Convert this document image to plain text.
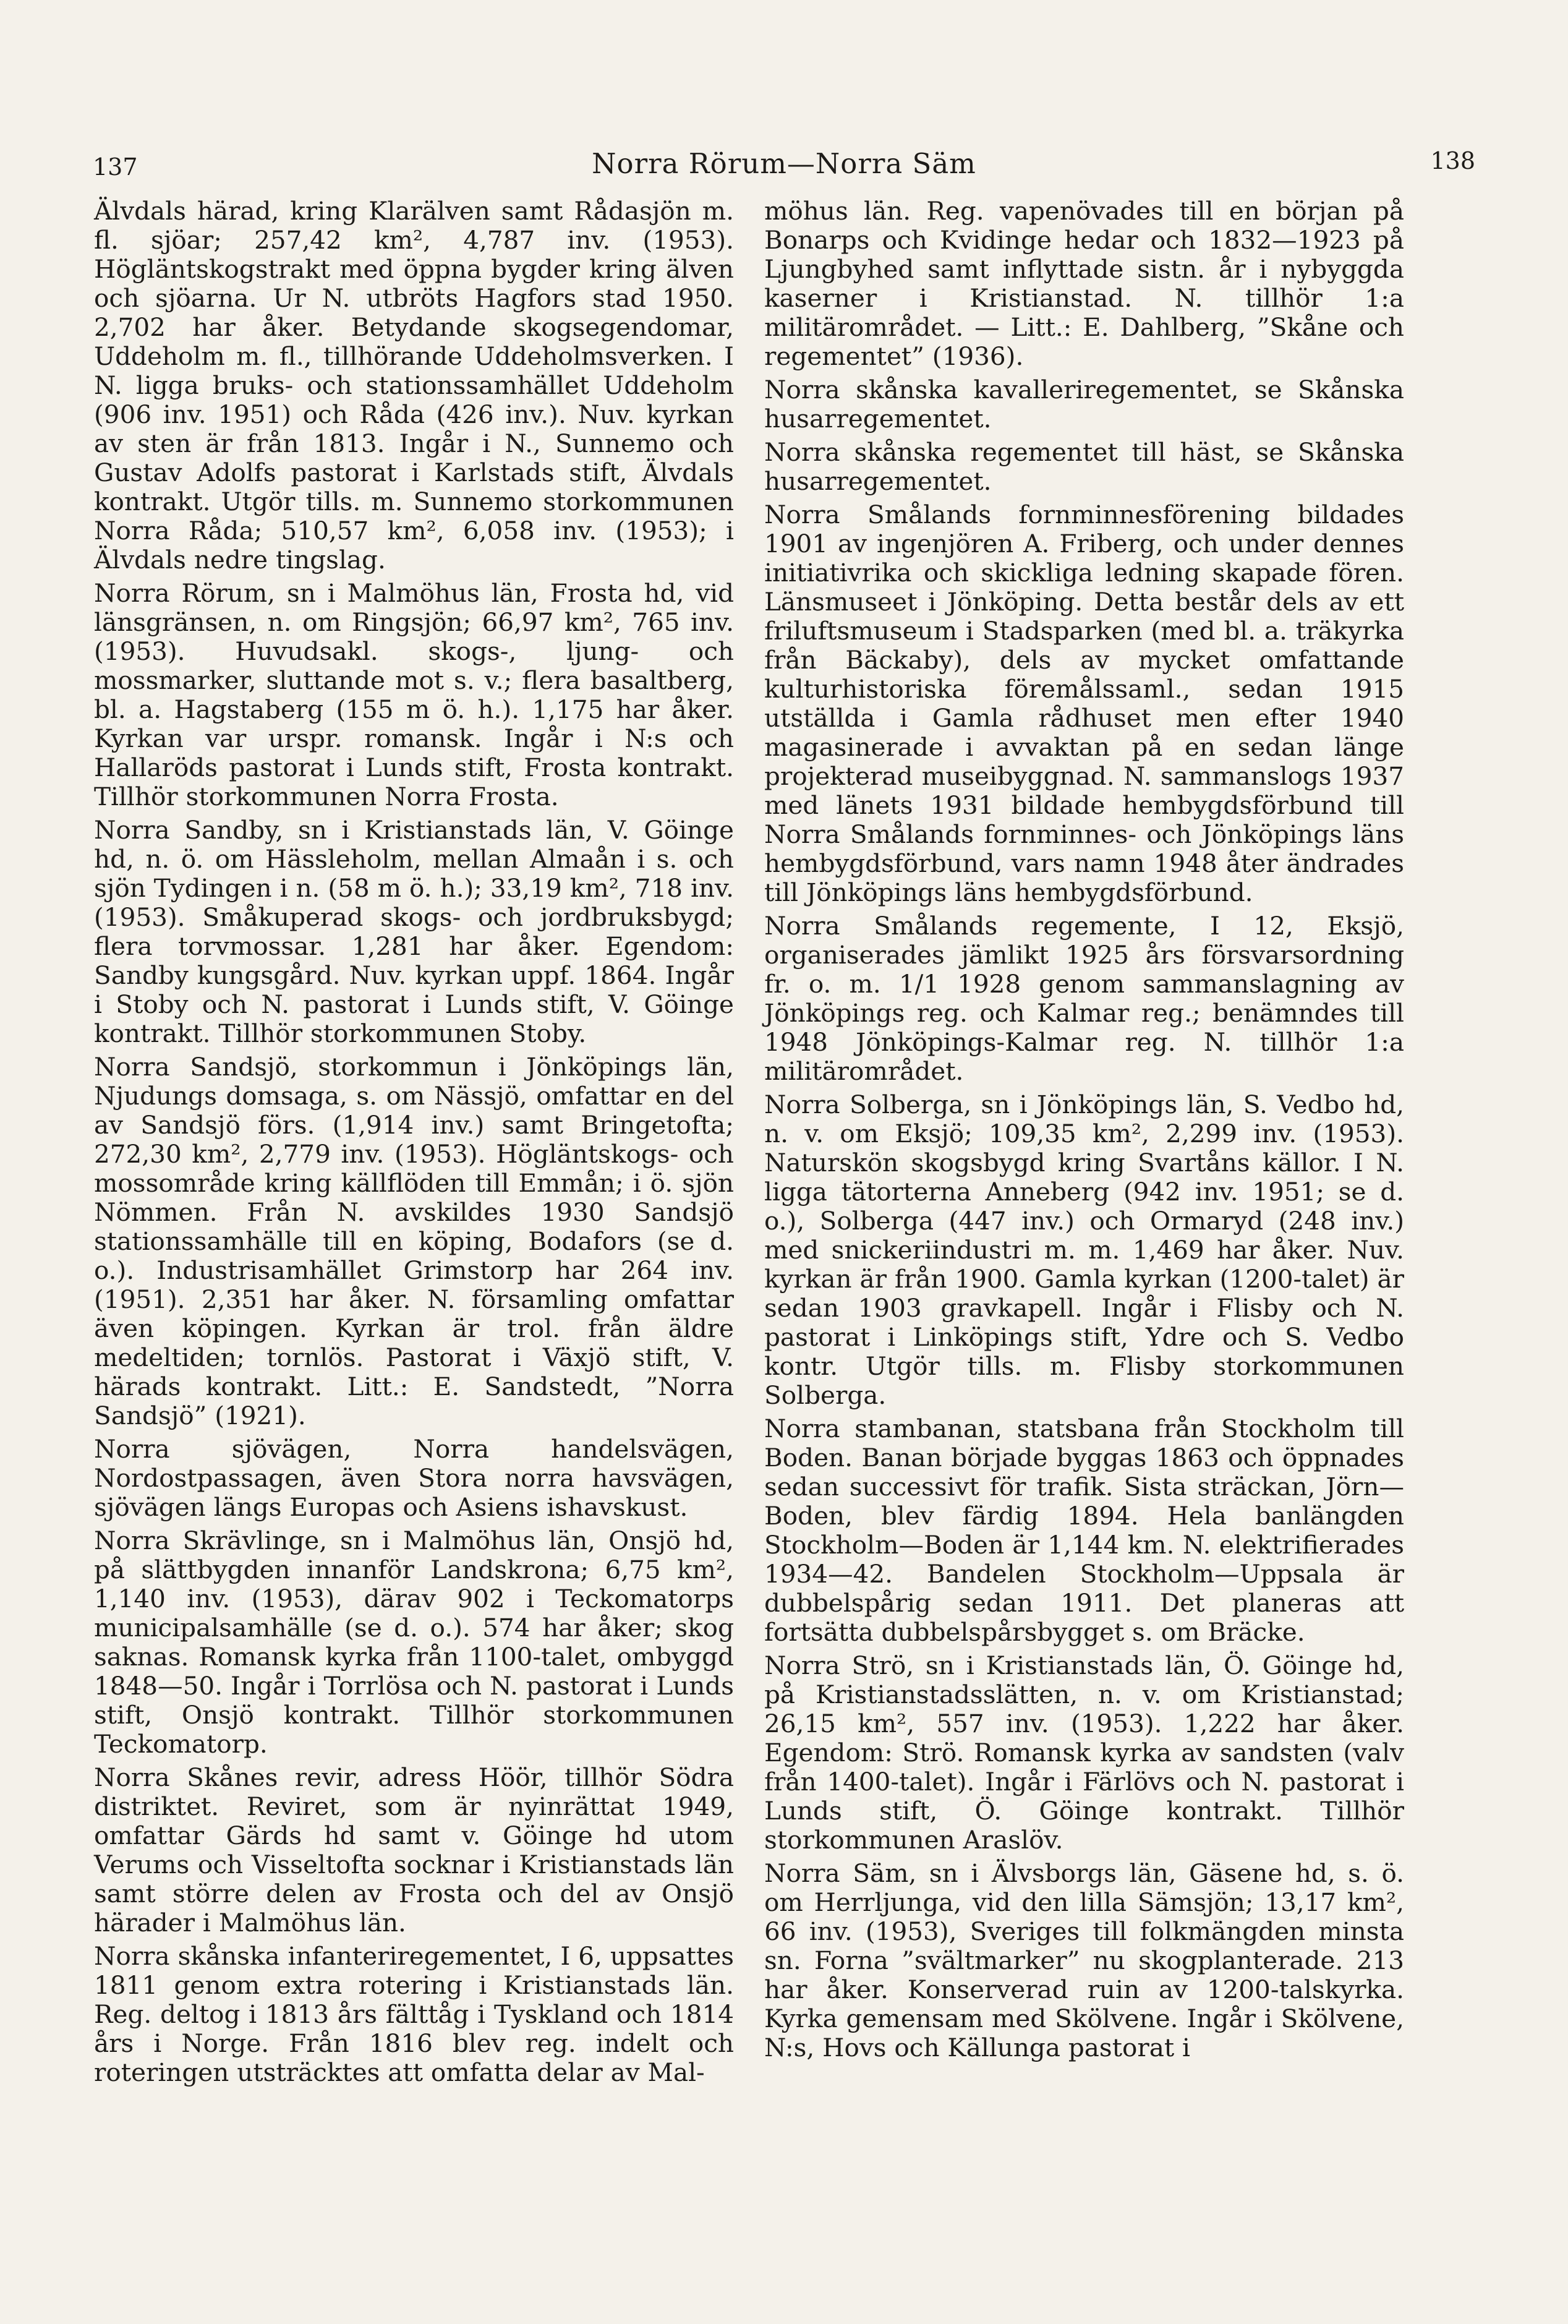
137	Norra Rörum—Norra Säm	138

Älvdals härad, kring Klarälven samt Rådasjön m. fl. sjöar; 257,42 km², 4,787 inv. (1953). Högläntskogstrakt med öppna bygder kring älven och sjöarna. Ur N. utbröts Hagfors stad 1950. 2,702 har åker. Betydande skogsegendomar, Uddeholm m. fl., tillhörande Uddeholmsverken. I N. ligga bruks- och stationssamhället Uddeholm (906 inv. 1951) och Råda (426 inv.). Nuv. kyrkan av sten är från 1813. Ingår i N., Sunnemo och Gustav Adolfs pastorat i Karlstads stift, Älvdals kontrakt. Utgör tills. m. Sunnemo storkommunen Norra Råda; 510,57 km², 6,058 inv. (1953); i Älvdals nedre tingslag.

Norra Rörum, sn i Malmöhus län, Frosta hd, vid länsgränsen, n. om Ringsjön; 66,97 km², 765 inv. (1953). Huvudsakl. skogs-, ljung- och mossmarker, sluttande mot s. v.; flera basaltberg, bl. a. Hagstaberg (155 m ö. h.). 1,175 har åker. Kyrkan var urspr. romansk. Ingår i N:s och Hallaröds pastorat i Lunds stift, Frosta kontrakt. Tillhör storkommunen Norra Frosta.

Norra Sandby, sn i Kristianstads län, V. Göinge hd, n. ö. om Hässleholm, mellan Almaån i s. och sjön Tydingen i n. (58 m ö. h.); 33,19 km², 718 inv. (1953). Småkuperad skogs- och jordbruksbygd; flera torvmossar. 1,281 har åker. Egendom: Sandby kungsgård. Nuv. kyrkan uppf. 1864. Ingår i Stoby och N. pastorat i Lunds stift, V. Göinge kontrakt. Tillhör storkommunen Stoby.

Norra Sandsjö, storkommun i Jönköpings län, Njudungs domsaga, s. om Nässjö, omfattar en del av Sandsjö förs. (1,914 inv.) samt Bringetofta; 272,30 km², 2,779 inv. (1953). Högläntskogs- och mossområde kring källflöden till Emmån; i ö. sjön Nömmen. Från N. avskildes 1930 Sandsjö stationssamhälle till en köping, Bodafors (se d. o.). Industrisamhället Grimstorp har 264 inv. (1951). 2,351 har åker. N. församling omfattar även köpingen. Kyrkan är trol. från äldre medeltiden; tornlös. Pastorat i Växjö stift, V. härads kontrakt. Litt.: E. Sandstedt, ”Norra Sandsjö” (1921).

Norra sjövägen, Norra handelsvägen, Nordostpassagen, även Stora norra havsvägen, sjövägen längs Europas och Asiens ishavskust.

Norra Skrävlinge, sn i Malmöhus län, Onsjö hd, på slättbygden innanför Landskrona; 6,75 km², 1,140 inv. (1953), därav 902 i Teckomatorps municipalsamhälle (se d. o.). 574 har åker; skog saknas. Romansk kyrka från 1100-talet, ombyggd 1848—50. Ingår i Torrlösa och N. pastorat i Lunds stift, Onsjö kontrakt. Tillhör storkommunen Teckomatorp.

Norra Skånes revir, adress Höör, tillhör Södra distriktet. Reviret, som är nyinrättat 1949, omfattar Gärds hd samt v. Göinge hd utom Verums och Visseltofta socknar i Kristianstads län samt större delen av Frosta och del av Onsjö härader i Malmöhus län.

Norra skånska infanteriregementet, I 6, uppsattes 1811 genom extra rotering i Kristianstads län. Reg. deltog i 1813 års fälttåg i Tyskland och 1814 års i Norge. Från 1816 blev reg. indelt och roteringen utsträcktes att omfatta delar av Mal-

möhus län. Reg. vapenövades till en början på Bonarps och Kvidinge hedar och 1832—1923 på Ljungbyhed samt inflyttade sistn. år i nybyggda kaserner i Kristianstad. N. tillhör 1:a militärområdet. — Litt.: E. Dahlberg, ”Skåne och regementet” (1936).

Norra skånska kavalleriregementet, se Skånska husarregementet.

Norra skånska regementet till häst, se Skånska husarregementet.

Norra Smålands fornminnesförening bildades 1901 av ingenjören A. Friberg, och under dennes initiativrika och skickliga ledning skapade fören. Länsmuseet i Jönköping. Detta består dels av ett friluftsmuseum i Stadsparken (med bl. a. träkyrka från Bäckaby), dels av mycket omfattande kulturhistoriska föremålssaml., sedan 1915 utställda i Gamla rådhuset men efter 1940 magasinerade i avvaktan på en sedan länge projekterad museibyggnad. N. sammanslogs 1937 med länets 1931 bildade hembygdsförbund till Norra Smålands fornminnes- och Jönköpings läns hembygdsförbund, vars namn 1948 åter ändrades till Jönköpings läns hembygdsförbund.

Norra Smålands regemente, I 12, Eksjö, organiserades jämlikt 1925 års försvarsordning fr. o. m. 1/1 1928 genom sammanslagning av Jönköpings reg. och Kalmar reg.; benämndes till 1948 Jönköpings-Kalmar reg. N. tillhör 1:a militärområdet.

Norra Solberga, sn i Jönköpings län, S. Vedbo hd, n. v. om Eksjö; 109,35 km², 2,299 inv. (1953). Naturskön skogsbygd kring Svartåns källor. I N. ligga tätorterna Anneberg (942 inv. 1951; se d. o.), Solberga (447 inv.) och Ormaryd (248 inv.) med snickeriindustri m. m. 1,469 har åker. Nuv. kyrkan är från 1900. Gamla kyrkan (1200-talet) är sedan 1903 gravkapell. Ingår i Flisby och N. pastorat i Linköpings stift, Ydre och S. Vedbo kontr. Utgör tills. m. Flisby storkommunen Solberga.

Norra stambanan, statsbana från Stockholm till Boden. Banan började byggas 1863 och öppnades sedan successivt för trafik. Sista sträckan, Jörn—Boden, blev färdig 1894. Hela banlängden Stockholm—Boden är 1,144 km. N. elektrifierades 1934—42. Bandelen Stockholm—Uppsala är dubbelspårig sedan 1911. Det planeras att fortsätta dubbelspårsbygget s. om Bräcke.

Norra Strö, sn i Kristianstads län, Ö. Göinge hd, på Kristianstadsslätten, n. v. om Kristianstad; 26,15 km², 557 inv. (1953). 1,222 har åker. Egendom: Strö. Romansk kyrka av sandsten (valv från 1400-talet). Ingår i Färlövs och N. pastorat i Lunds stift, Ö. Göinge kontrakt. Tillhör storkommunen Araslöv.

Norra Säm, sn i Älvsborgs län, Gäsene hd, s. ö. om Herrljunga, vid den lilla Sämsjön; 13,17 km², 66 inv. (1953), Sveriges till folkmängden minsta sn. Forna ”svältmarker” nu skogplanterade. 213 har åker. Konserverad ruin av 1200-talskyrka. Kyrka gemensam med Skölvene. Ingår i Skölvene, N:s, Hovs och Källunga pastorat i
